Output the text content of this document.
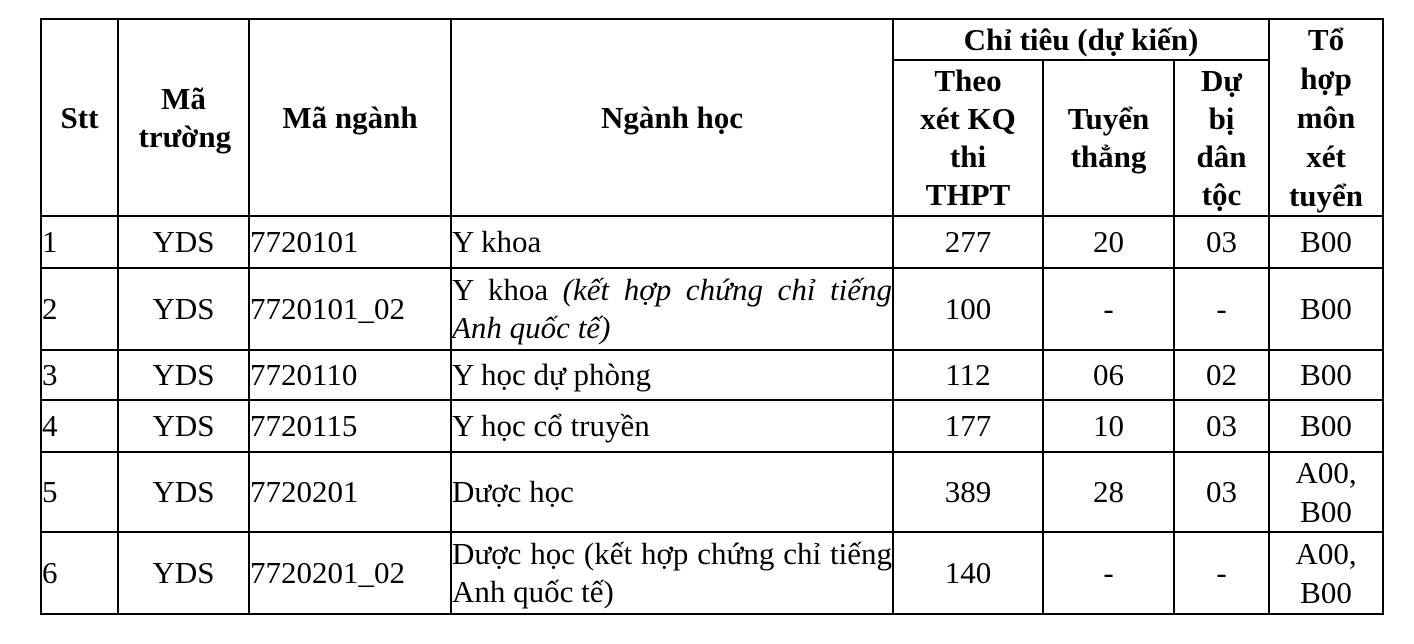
Stt	Mã trường	Mã ngành	Ngành học	Chỉ tiêu (dự kiến)			Tổ hợp môn xét tuyển
				Theo xét KQ thi THPT	Tuyển thẳng	Dự bị dân tộc	
1	YDS	7720101	Y khoa	277	20	03	B00
2	YDS	7720101_02	Y khoa (kết hợp chứng chỉ tiếng Anh quốc tế)	100	-	-	B00
3	YDS	7720110	Y học dự phòng	112	06	02	B00
4	YDS	7720115	Y học cổ truyền	177	10	03	B00
5	YDS	7720201	Dược học	389	28	03	A00, B00
6	YDS	7720201_02	Dược học (kết hợp chứng chỉ tiếng Anh quốc tế)	140	-	-	A00, B00
